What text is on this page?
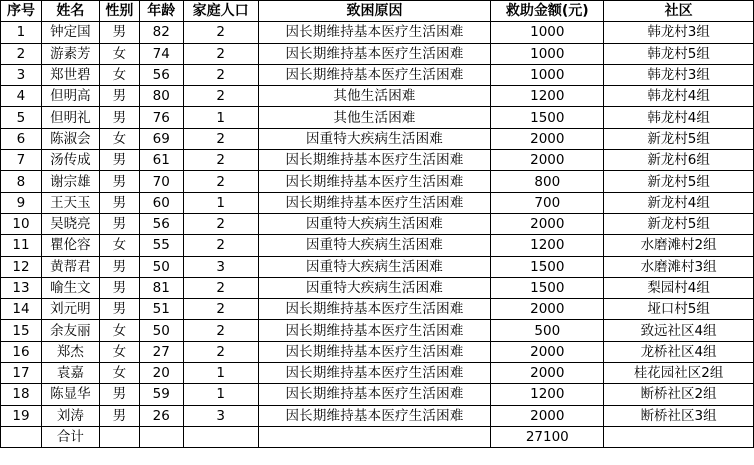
序号	姓名	性别	年龄	家庭人口	致困原因	救助金额(元)	社区
1	钟定国	男	82	2	因长期维持基本医疗生活困难	1000	韩龙村3组
2	游素芳	女	74	2	因长期维持基本医疗生活困难	1000	韩龙村5组
3	郑世碧	女	56	2	因长期维持基本医疗生活困难	1000	韩龙村3组
4	但明高	男	80	2	其他生活困难	1200	韩龙村4组
5	但明礼	男	76	1	其他生活困难	1500	韩龙村4组
6	陈淑会	女	69	2	因重特大疾病生活困难	2000	新龙村5组
7	汤传成	男	61	2	因长期维持基本医疗生活困难	2000	新龙村6组
8	谢宗雄	男	70	2	因长期维持基本医疗生活困难	800	新龙村5组
9	王天玉	男	60	1	因长期维持基本医疗生活困难	700	新龙村4组
10	吴晓亮	男	56	2	因重特大疾病生活困难	2000	新龙村5组
11	瞿伦容	女	55	2	因重特大疾病生活困难	1200	水磨滩村2组
12	黄帮君	男	50	3	因重特大疾病生活困难	1500	水磨滩村3组
13	喻生文	男	81	2	因重特大疾病生活困难	1500	梨园村4组
14	刘元明	男	51	2	因长期维持基本医疗生活困难	2000	垭口村5组
15	余友丽	女	50	2	因长期维持基本医疗生活困难	500	致远社区4组
16	郑杰	女	27	2	因长期维持基本医疗生活困难	2000	龙桥社区4组
17	袁嘉	女	20	1	因长期维持基本医疗生活困难	2000	桂花园社区2组
18	陈显华	男	59	1	因长期维持基本医疗生活困难	1200	断桥社区2组
19	刘涛	男	26	3	因长期维持基本医疗生活困难	2000	断桥社区3组
	合计					27100	
